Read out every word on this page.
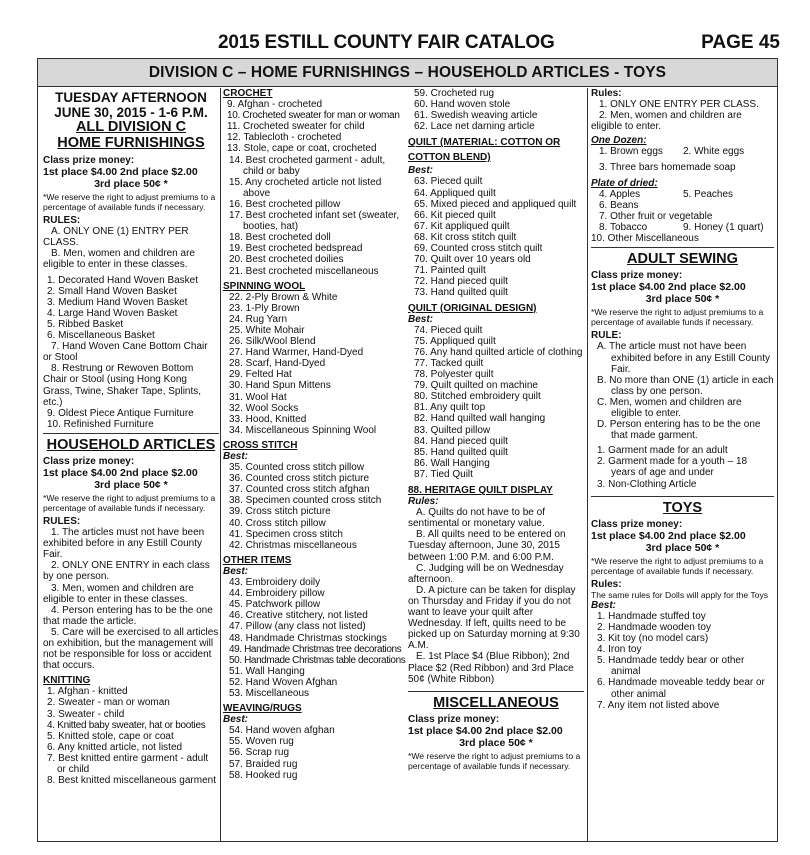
2015 ESTILL COUNTY FAIR CATALOG	PAGE 45
DIVISION C – HOME FURNISHINGS – HOUSEHOLD ARTICLES - TOYS
TUESDAY AFTERNOON
JUNE 30, 2015 - 1-6 P.M.
ALL DIVISION C
HOME FURNISHINGS
Class prize money:
1st place $4.00 2nd place $2.00
3rd place 50¢ *
*We reserve the right to adjust premiums to a percentage of available funds if necessary.
RULES:
A. ONLY ONE (1) ENTRY PER CLASS.
B. Men, women and children are eligible to enter in these classes.
1. Decorated Hand Woven Basket
2. Small Hand Woven Basket
3. Medium Hand Woven Basket
4. Large Hand Woven Basket
5. Ribbed Basket
6. Miscellaneous Basket
7. Hand Woven Cane Bottom Chair or Stool
8. Restrung or Rewoven Bottom Chair or Stool (using Hong Kong Grass, Twine, Shaker Tape, Splints, etc.)
9. Oldest Piece Antique Furniture
10. Refinished Furniture
HOUSEHOLD ARTICLES
Class prize money:
1st place $4.00 2nd place $2.00
3rd place 50¢ *
*We reserve the right to adjust premiums to a percentage of available funds if necessary.
RULES:
1. The articles must not have been exhibited before in any Estill County Fair.
2. ONLY ONE ENTRY in each class by one person.
3. Men, women and children are eligible to enter in these classes.
4. Person entering has to be the one that made the article.
5. Care will be exercised to all articles on exhibition, but the management will not be responsible for loss or accident that occurs.
KNITTING
1. Afghan - knitted
2. Sweater - man or woman
3. Sweater - child
4. Knitted baby sweater, hat or booties
5. Knitted stole, cape or coat
6. Any knitted article, not listed
7. Best knitted entire garment - adult or child
8. Best knitted miscellaneous garment
CROCHET
9. Afghan - crocheted
10. Crocheted sweater for man or woman
11. Crocheted sweater for child
12. Tablecloth - crocheted
13. Stole, cape or coat, crocheted
14. Best crocheted garment - adult, child or baby
15. Any crocheted article not listed above
16. Best crocheted pillow
17. Best crocheted infant set (sweater, booties, hat)
18. Best crocheted doll
19. Best crocheted bedspread
20. Best crocheted doilies
21. Best crocheted miscellaneous
SPINNING WOOL
22. 2-Ply Brown & White
23. 1-Ply Brown
24. Rug Yarn
25. White Mohair
26. Silk/Wool Blend
27. Hand Warmer, Hand-Dyed
28. Scarf, Hand-Dyed
29. Felted Hat
30. Hand Spun Mittens
31. Wool Hat
32. Wool Socks
33. Hood, Knitted
34. Miscellaneous Spinning Wool
CROSS STITCH
Best:
35. Counted cross stitch pillow
36. Counted cross stitch picture
37. Counted cross stitch afghan
38. Specimen counted cross stitch
39. Cross stitch picture
40. Cross stitch pillow
41. Specimen cross stitch
42. Christmas miscellaneous
OTHER ITEMS
Best:
43. Embroidery doily
44. Embroidery pillow
45. Patchwork pillow
46. Creative stitchery, not listed
47. Pillow (any class not listed)
48. Handmade Christmas stockings
49. Handmade Christmas tree decorations
50. Handmade Christmas table decorations
51. Wall Hanging
52. Hand Woven Afghan
53. Miscellaneous
WEAVING/RUGS
Best:
54. Hand woven afghan
55. Woven rug
56. Scrap rug
57. Braided rug
58. Hooked rug
59. Crocheted rug
60. Hand woven stole
61. Swedish weaving article
62. Lace net darning article
QUILT (MATERIAL: COTTON OR
COTTON BLEND)
Best:
63. Pieced quilt
64. Appliqued quilt
65. Mixed pieced and appliqued quilt
66. Kit pieced quilt
67. Kit appliqued quilt
68. Kit cross stitch quilt
69. Counted cross stitch quilt
70. Quilt over 10 years old
71. Painted quilt
72. Hand pieced quilt
73. Hand quilted quilt
QUILT (ORIGINAL DESIGN)
Best:
74. Pieced quilt
75. Appliqued quilt
76. Any hand quilted article of clothing
77. Tacked quilt
78. Polyester quilt
79. Quilt quilted on machine
80. Stitched embroidery quilt
81. Any quilt top
82. Hand quilted wall hanging
83. Quilted pillow
84. Hand pieced quilt
85. Hand quilted quilt
86. Wall Hanging
87. Tied Quilt
88. HERITAGE QUILT DISPLAY
Rules:
A. Quilts do not have to be of sentimental or monetary value.
B. All quilts need to be entered on Tuesday afternoon, June 30, 2015 between 1:00 P.M. and 6:00 P.M.
C. Judging will be on Wednesday afternoon.
D. A picture can be taken for display on Thursday and Friday if you do not want to leave your quilt after Wednesday. If left, quilts need to be picked up on Saturday morning at 9:30 A.M.
E. 1st Place $4 (Blue Ribbon); 2nd Place $2 (Red Ribbon) and 3rd Place 50¢ (White Ribbon)
MISCELLANEOUS
Class prize money:
1st place $4.00 2nd place $2.00
3rd place 50¢ *
*We reserve the right to adjust premiums to a percentage of available funds if necessary.
Rules:
1. ONLY ONE ENTRY PER CLASS.
2. Men, women and children are eligible to enter.
One Dozen:
1. Brown eggs	2. White eggs
3. Three bars homemade soap
Plate of dried:
4. Apples	5. Peaches
6. Beans
7. Other fruit or vegetable
8. Tobacco	9. Honey (1 quart)
10. Other Miscellaneous
ADULT SEWING
Class prize money:
1st place $4.00 2nd place $2.00
3rd place 50¢ *
*We reserve the right to adjust premiums to a percentage of available funds if necessary.
RULE:
A. The article must not have been exhibited before in any Estill County Fair.
B. No more than ONE (1) article in each class by one person.
C. Men, women and children are eligible to enter.
D. Person entering has to be the one that made garment.
1. Garment made for an adult
2. Garment made for a youth – 18 years of age and under
3. Non-Clothing Article
TOYS
Class prize money:
1st place $4.00 2nd place $2.00
3rd place 50¢ *
*We reserve the right to adjust premiums to a percentage of available funds if necessary.
Rules:
The same rules for Dolls will apply for the Toys
Best:
1. Handmade stuffed toy
2. Handmade wooden toy
3. Kit toy (no model cars)
4. Iron toy
5. Handmade teddy bear or other animal
6. Handmade moveable teddy bear or other animal
7. Any item not listed above
